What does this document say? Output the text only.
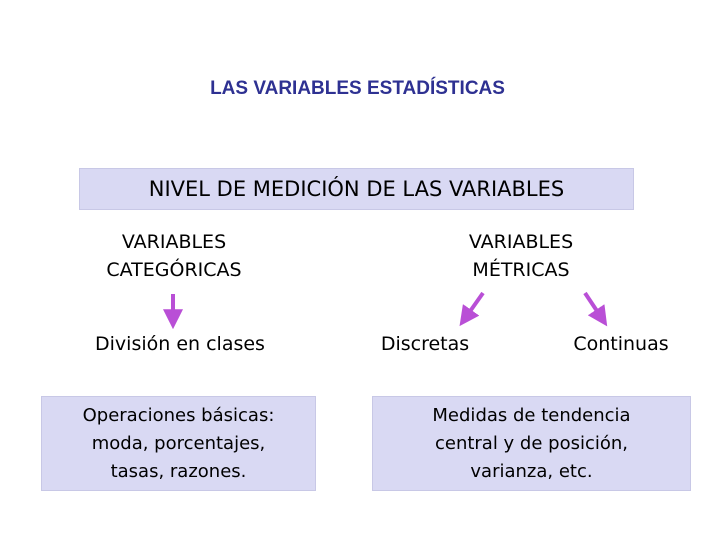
LAS VARIABLES ESTADÍSTICAS
NIVEL DE MEDICIÓN DE LAS VARIABLES
VARIABLES
CATEGÓRICAS
VARIABLES
MÉTRICAS
División en clases	Discretas	Continuas
Operaciones básicas:
moda, porcentajes,
tasas, razones.
Medidas de tendencia
central y de posición,
varianza, etc.
